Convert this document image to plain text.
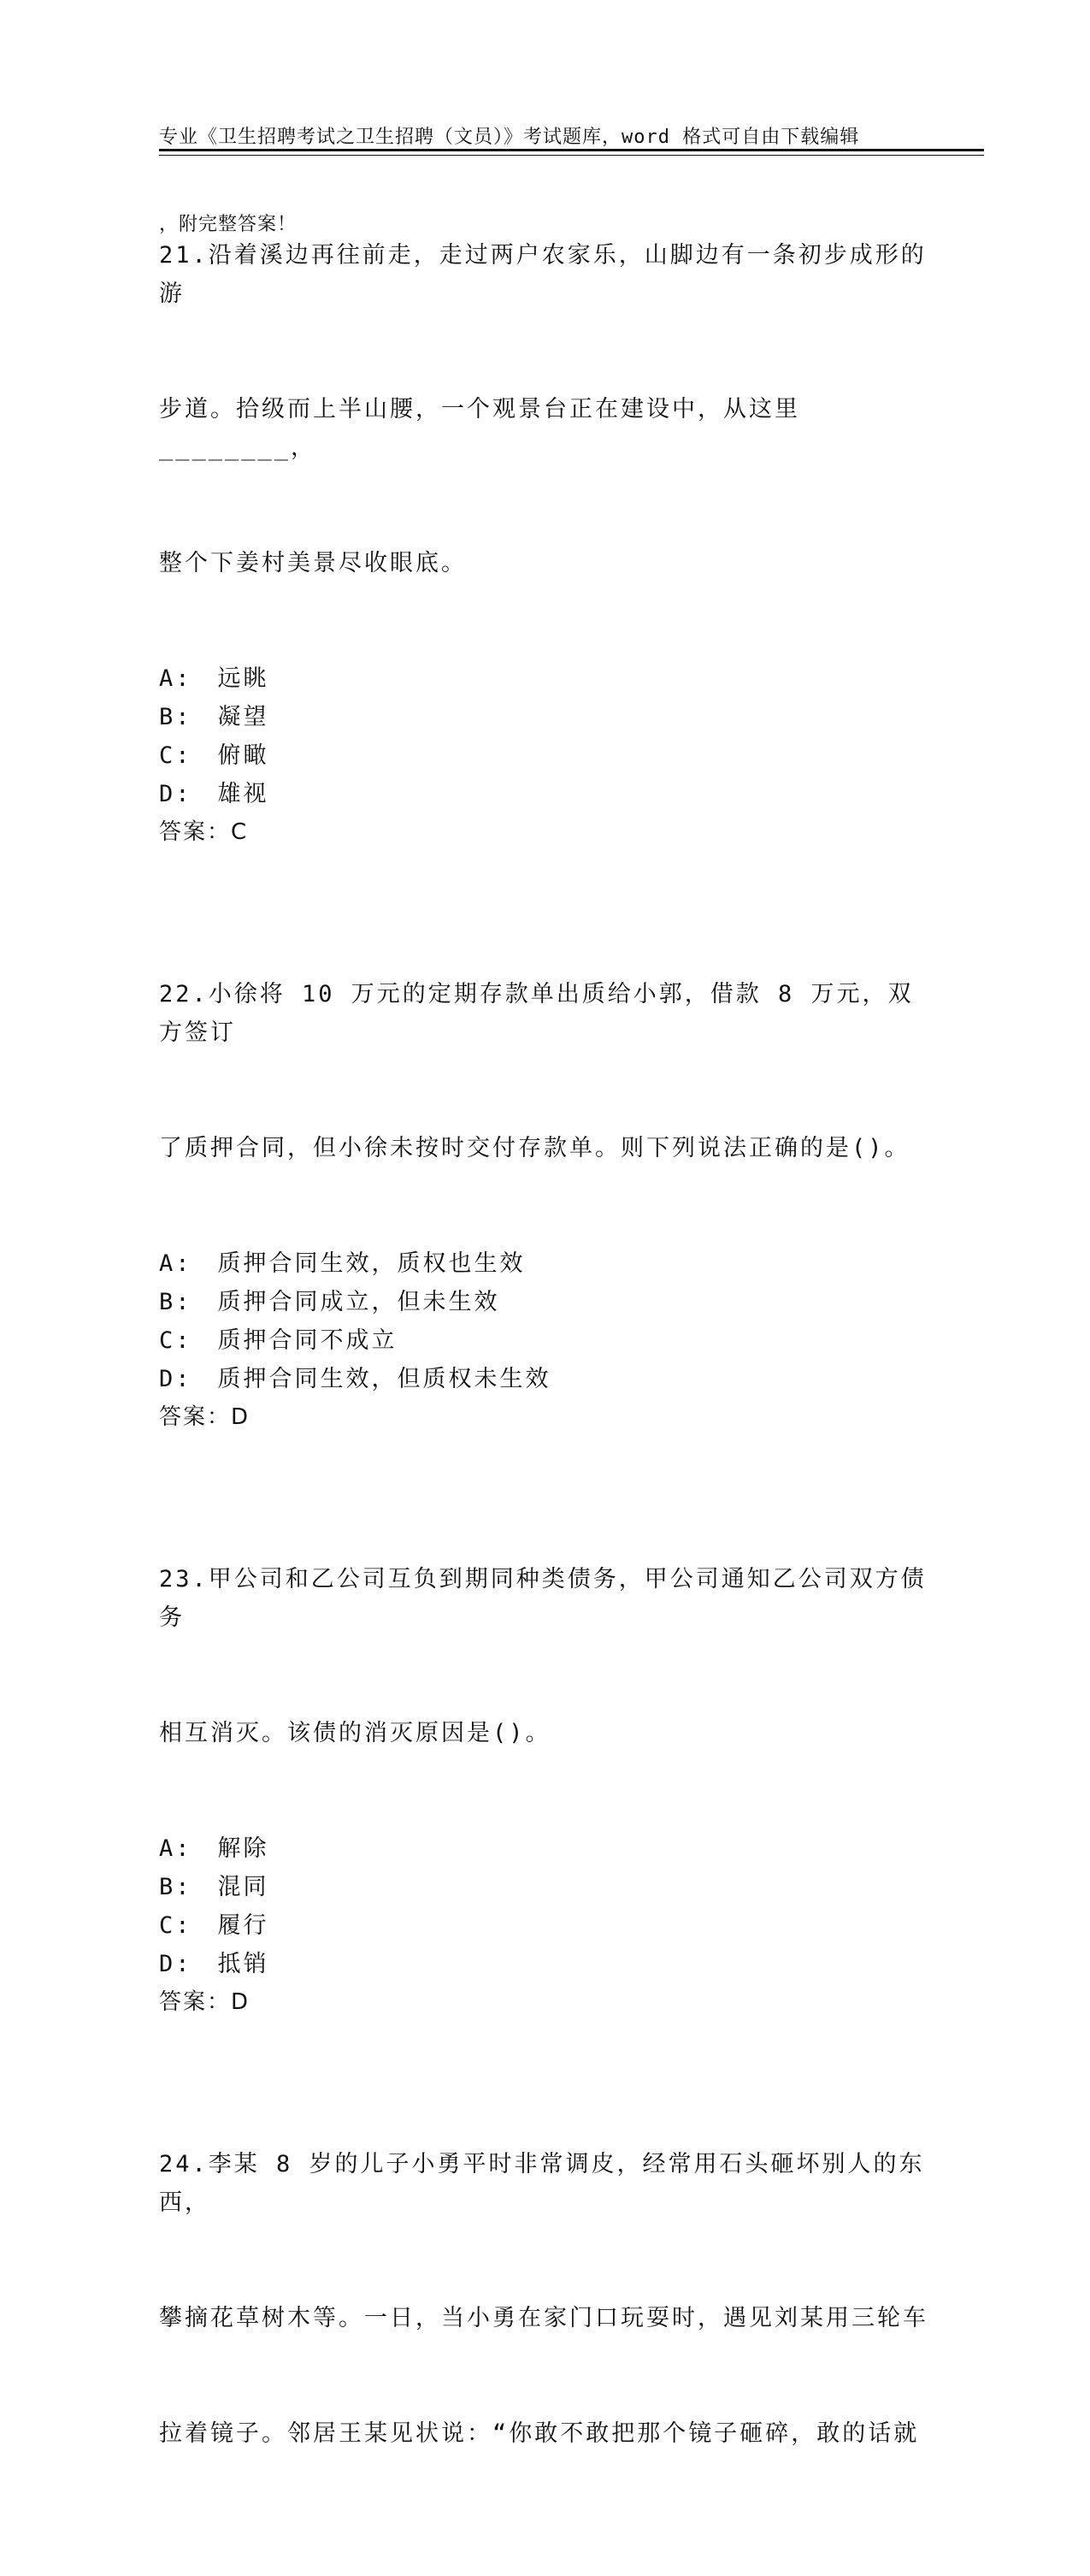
专业《卫生招聘考试之卫生招聘（文员）》考试题库，word 格式可自由下载编辑

，附完整答案！

21.沿着溪边再往前走，走过两户农家乐，山脚边有一条初步成形的游

步道。拾级而上半山腰，一个观景台正在建设中，从这里________，

整个下姜村美景尽收眼底。

A:　远眺
B:　凝望
C:　俯瞰
D:　雄视
答案：C

22.小徐将 10 万元的定期存款单出质给小郭，借款 8 万元，双方签订

了质押合同，但小徐未按时交付存款单。则下列说法正确的是()。

A:　质押合同生效，质权也生效
B:　质押合同成立，但未生效
C:　质押合同不成立
D:　质押合同生效，但质权未生效
答案：D

23.甲公司和乙公司互负到期同种类债务，甲公司通知乙公司双方债务

相互消灭。该债的消灭原因是()。

A:　解除
B:　混同
C:　履行
D:　抵销
答案：D

24.李某 8 岁的儿子小勇平时非常调皮，经常用石头砸坏别人的东西，

攀摘花草树木等。一日，当小勇在家门口玩耍时，遇见刘某用三轮车

拉着镜子。邻居王某见状说：“你敢不敢把那个镜子砸碎，敢的话就
